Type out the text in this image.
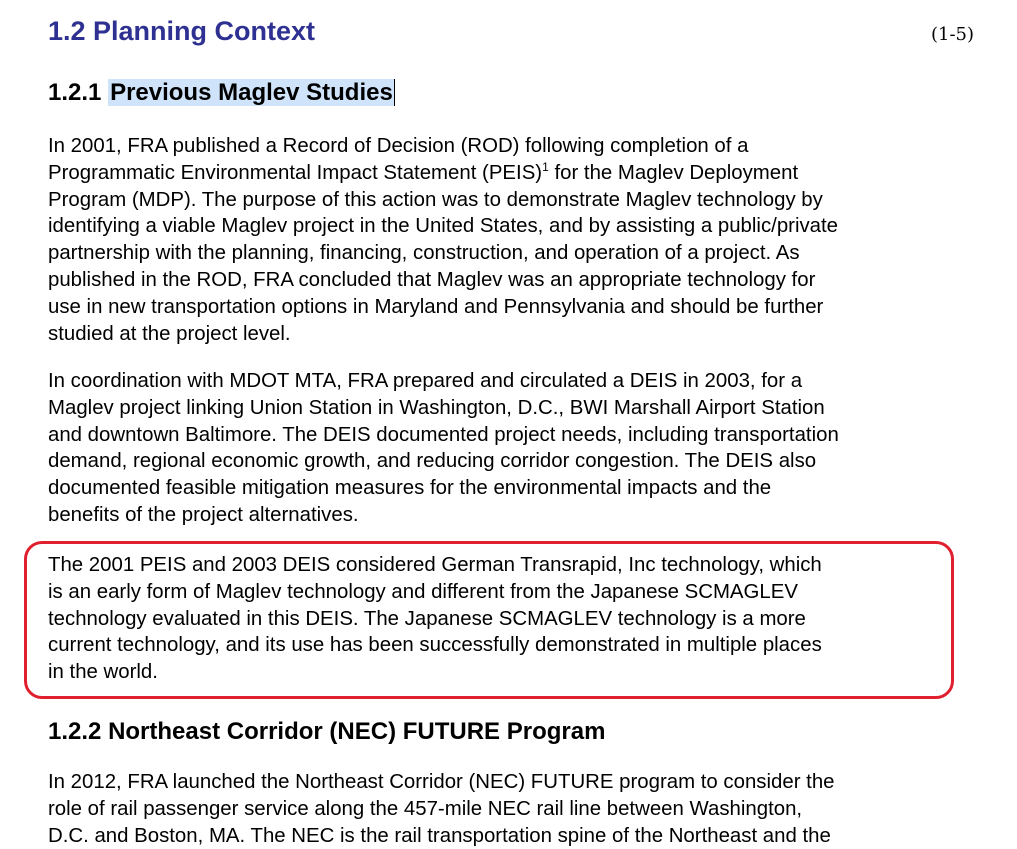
1.2 Planning Context	(1-5)
1.2.1 Previous Maglev Studies
In 2001, FRA published a Record of Decision (ROD) following completion of a
Programmatic Environmental Impact Statement (PEIS)$^1$ for the Maglev Deployment
Program (MDP). The purpose of this action was to demonstrate Maglev technology by
identifying a viable Maglev project in the United States, and by assisting a public/private
partnership with the planning, financing, construction, and operation of a project. As
published in the ROD, FRA concluded that Maglev was an appropriate technology for
use in new transportation options in Maryland and Pennsylvania and should be further
studied at the project level.
In coordination with MDOT MTA, FRA prepared and circulated a DEIS in 2003, for a
Maglev project linking Union Station in Washington, D.C., BWI Marshall Airport Station
and downtown Baltimore. The DEIS documented project needs, including transportation
demand, regional economic growth, and reducing corridor congestion. The DEIS also
documented feasible mitigation measures for the environmental impacts and the
benefits of the project alternatives.
The 2001 PEIS and 2003 DEIS considered German Transrapid, Inc technology, which
is an early form of Maglev technology and different from the Japanese SCMAGLEV
technology evaluated in this DEIS. The Japanese SCMAGLEV technology is a more
current technology, and its use has been successfully demonstrated in multiple places
in the world.
1.2.2 Northeast Corridor (NEC) FUTURE Program
In 2012, FRA launched the Northeast Corridor (NEC) FUTURE program to consider the
role of rail passenger service along the 457-mile NEC rail line between Washington,
D.C. and Boston, MA. The NEC is the rail transportation spine of the Northeast and the
